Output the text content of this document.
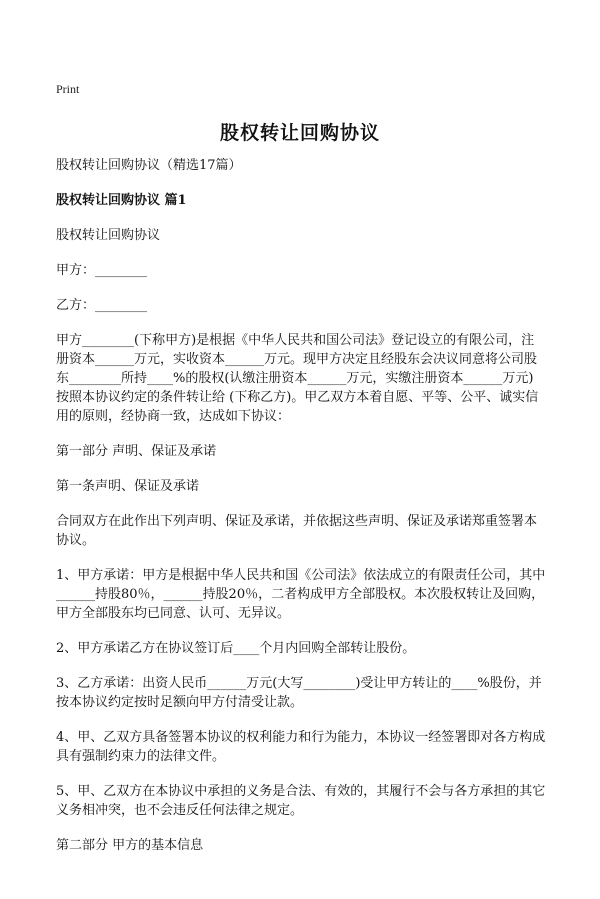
Print
股权转让回购协议

股权转让回购协议（精选17篇）

股权转让回购协议 篇1

股权转让回购协议

甲方：________

乙方：________

甲方________(下称甲方)是根据《中华人民共和国公司法》登记设立的有限公司，注册资本______万元，实收资本______万元。现甲方决定且经股东会决议同意将公司股东________所持____%的股权(认缴注册资本______万元，实缴注册资本______万元)按照本协议约定的条件转让给 (下称乙方)。甲乙双方本着自愿、平等、公平、诚实信用的原则，经协商一致，达成如下协议：

第一部分 声明、保证及承诺

第一条声明、保证及承诺

合同双方在此作出下列声明、保证及承诺，并依据这些声明、保证及承诺郑重签署本协议。

1、甲方承诺：甲方是根据中华人民共和国《公司法》依法成立的有限责任公司，其中______持股80％，______持股20％，二者构成甲方全部股权。本次股权转让及回购，甲方全部股东均已同意、认可、无异议。

2、甲方承诺乙方在协议签订后____个月内回购全部转让股份。

3、乙方承诺：出资人民币______万元(大写________)受让甲方转让的____%股份，并按本协议约定按时足额向甲方付清受让款。

4、甲、乙双方具备签署本协议的权利能力和行为能力，本协议一经签署即对各方构成具有强制约束力的法律文件。

5、甲、乙双方在本协议中承担的义务是合法、有效的，其履行不会与各方承担的其它义务相冲突，也不会违反任何法律之规定。

第二部分 甲方的基本信息
